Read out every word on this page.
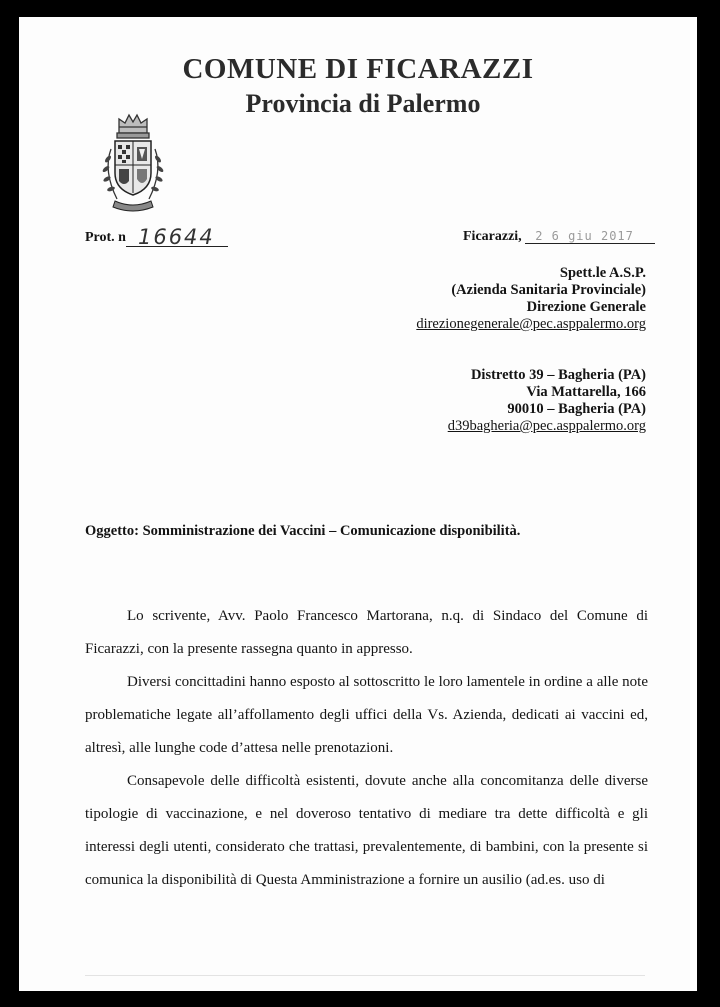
COMUNE DI FICARAZZI
Provincia di Palermo
Prot. n 16644	Ficarazzi, 2 6 giu 2017
Spett.le A.S.P.
(Azienda Sanitaria Provinciale)
Direzione Generale
direzionegenerale@pec.asppalermo.org
Distretto 39 – Bagheria (PA)
Via Mattarella, 166
90010 – Bagheria (PA)
d39bagheria@pec.asppalermo.org
Oggetto: Somministrazione dei Vaccini – Comunicazione disponibilità.

Lo scrivente, Avv. Paolo Francesco Martorana, n.q. di Sindaco del Comune di Ficarazzi, con la presente rassegna quanto in appresso.

Diversi concittadini hanno esposto al sottoscritto le loro lamentele in ordine a alle note problematiche legate all’affollamento degli uffici della Vs. Azienda, dedicati ai vaccini ed, altresì, alle lunghe code d’attesa nelle prenotazioni.

Consapevole delle difficoltà esistenti, dovute anche alla concomitanza delle diverse tipologie di vaccinazione, e nel doveroso tentativo di mediare tra dette difficoltà e gli interessi degli utenti, considerato che trattasi, prevalentemente, di bambini, con la presente si comunica la disponibilità di Questa Amministrazione a fornire un ausilio (ad.es. uso di
